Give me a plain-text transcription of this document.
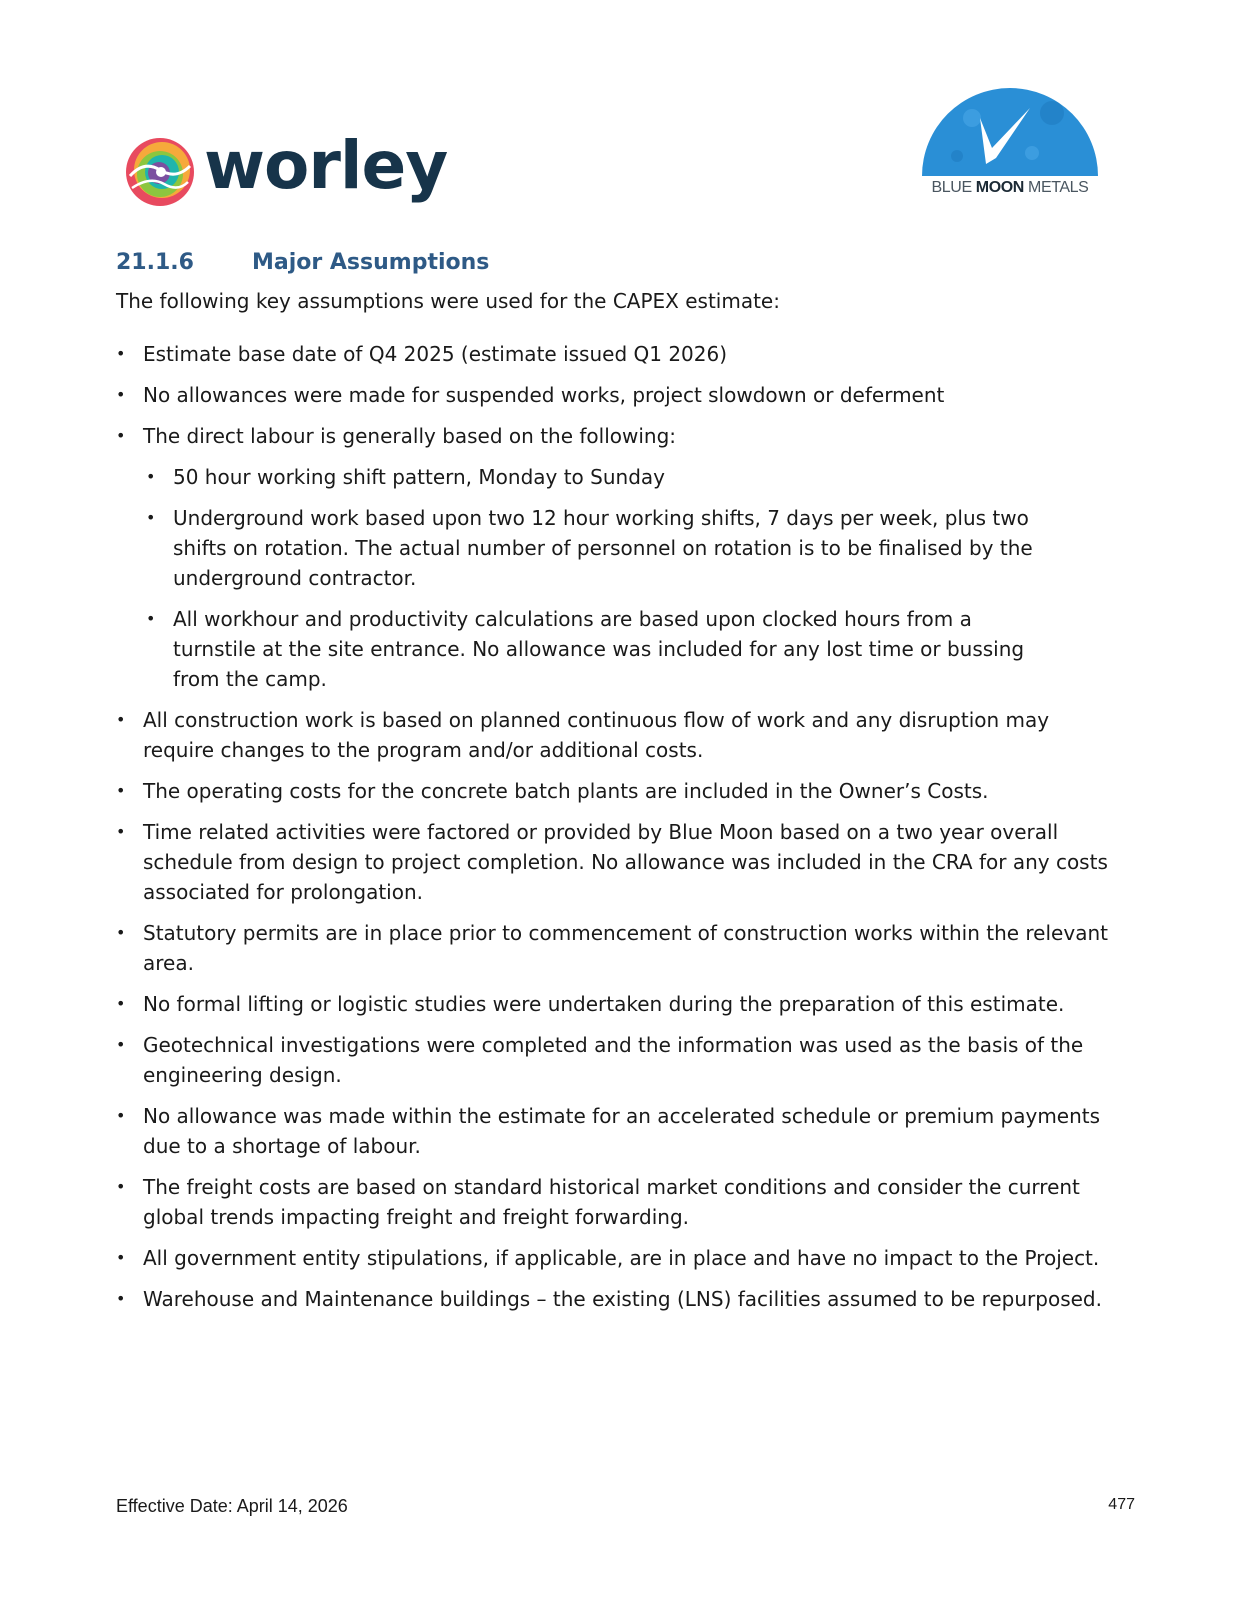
worley	BLUE MOON METALS
21.1.6	Major Assumptions
The following key assumptions were used for the CAPEX estimate:
• Estimate base date of Q4 2025 (estimate issued Q1 2026)
• No allowances were made for suspended works, project slowdown or deferment
• The direct labour is generally based on the following:
• 50 hour working shift pattern, Monday to Sunday
• Underground work based upon two 12 hour working shifts, 7 days per week, plus two shifts on rotation. The actual number of personnel on rotation is to be finalised by the underground contractor.
• All workhour and productivity calculations are based upon clocked hours from a turnstile at the site entrance. No allowance was included for any lost time or bussing from the camp.
• All construction work is based on planned continuous flow of work and any disruption may require changes to the program and/or additional costs.
• The operating costs for the concrete batch plants are included in the Owner’s Costs.
• Time related activities were factored or provided by Blue Moon based on a two year overall schedule from design to project completion. No allowance was included in the CRA for any costs associated for prolongation.
• Statutory permits are in place prior to commencement of construction works within the relevant area.
• No formal lifting or logistic studies were undertaken during the preparation of this estimate.
• Geotechnical investigations were completed and the information was used as the basis of the engineering design.
• No allowance was made within the estimate for an accelerated schedule or premium payments due to a shortage of labour.
• The freight costs are based on standard historical market conditions and consider the current global trends impacting freight and freight forwarding.
• All government entity stipulations, if applicable, are in place and have no impact to the Project.
• Warehouse and Maintenance buildings – the existing (LNS) facilities assumed to be repurposed.
Effective Date: April 14, 2026	477
